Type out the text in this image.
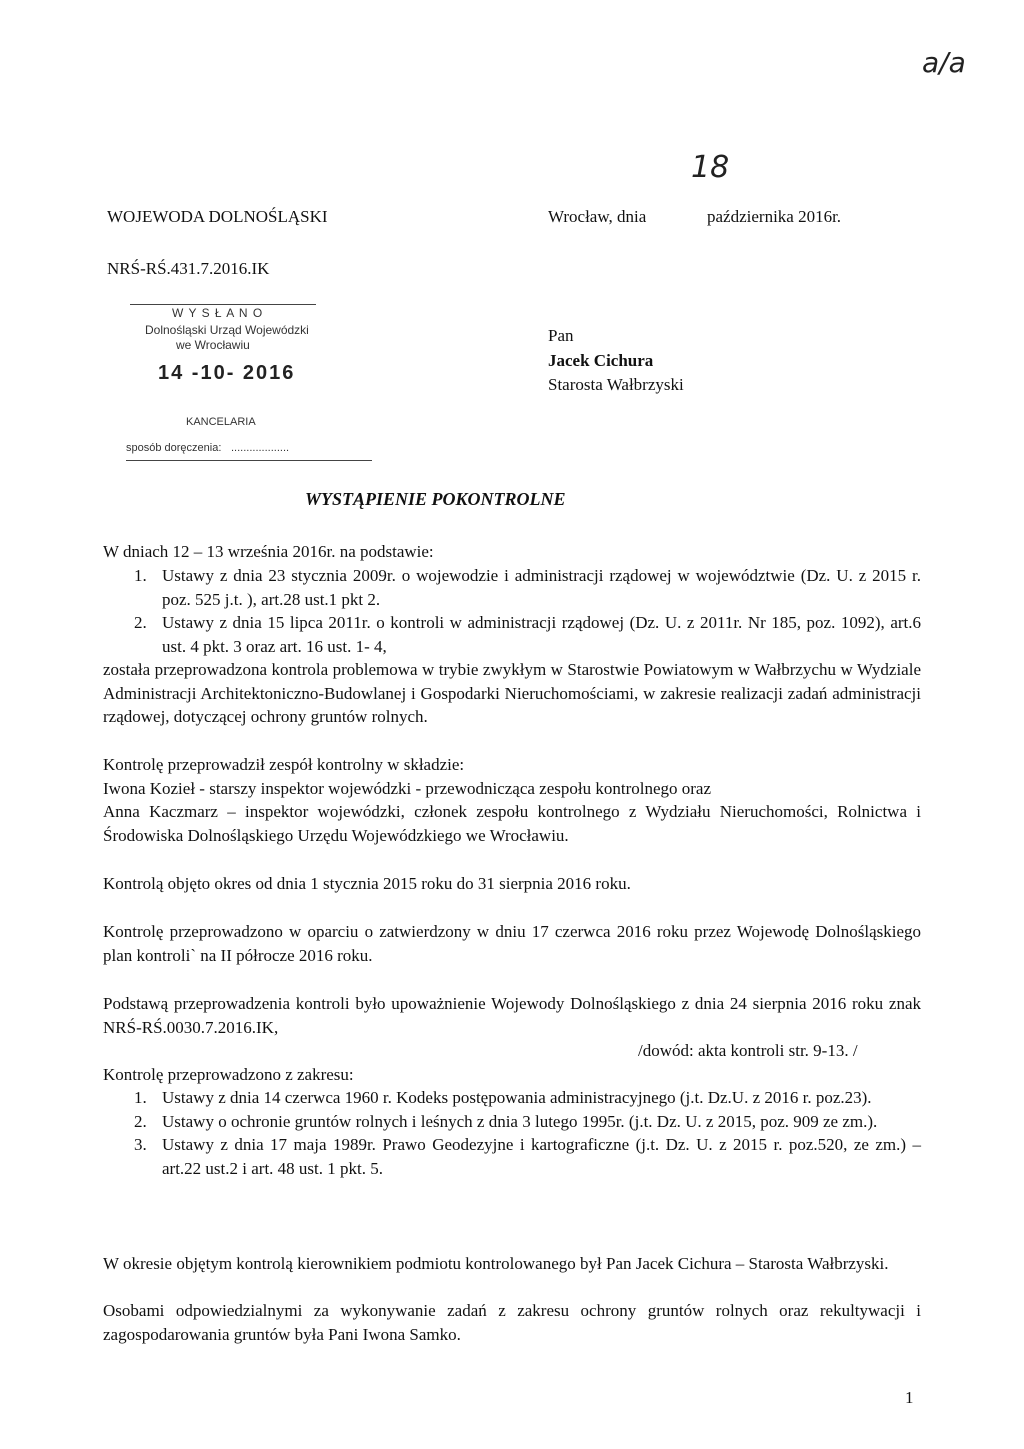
a/a
18
WOJEWODA DOLNOŚLĄSKI	Wrocław, dnia	października 2016r.
NRŚ-RŚ.431.7.2016.IK
W Y S Ł A N O
Dolnośląski Urząd Wojewódzki
we Wrocławiu
14 -10- 2016
KANCELARIA
sposób doręczenia: ...................
Pan
Jacek Cichura
Starosta Wałbrzyski
WYSTĄPIENIE POKONTROLNE
W dniach 12 – 13 września 2016r. na podstawie:
1. Ustawy z dnia 23 stycznia 2009r. o wojewodzie i administracji rządowej w województwie (Dz. U. z 2015 r. poz. 525 j.t. ), art.28 ust.1 pkt 2.
2. Ustawy z dnia 15 lipca 2011r. o kontroli w administracji rządowej (Dz. U. z 2011r. Nr 185, poz. 1092), art.6 ust. 4 pkt. 3 oraz art. 16 ust. 1- 4,
została przeprowadzona kontrola problemowa w trybie zwykłym w Starostwie Powiatowym w Wałbrzychu w Wydziale Administracji Architektoniczno-Budowlanej i Gospodarki Nieruchomościami, w zakresie realizacji zadań administracji rządowej, dotyczącej ochrony gruntów rolnych.
Kontrolę przeprowadził zespół kontrolny w składzie:
Iwona Kozieł - starszy inspektor wojewódzki - przewodnicząca zespołu kontrolnego oraz
Anna Kaczmarz – inspektor wojewódzki, członek zespołu kontrolnego z Wydziału Nieruchomości, Rolnictwa i Środowiska Dolnośląskiego Urzędu Wojewódzkiego we Wrocławiu.
Kontrolą objęto okres od dnia 1 stycznia 2015 roku do 31 sierpnia 2016 roku.
Kontrolę przeprowadzono w oparciu o zatwierdzony w dniu 17 czerwca 2016 roku przez Wojewodę Dolnośląskiego plan kontroli` na II półrocze 2016 roku.
Podstawą przeprowadzenia kontroli było upoważnienie Wojewody Dolnośląskiego z dnia 24 sierpnia 2016 roku znak NRŚ-RŚ.0030.7.2016.IK,
/dowód: akta kontroli str. 9-13. /
Kontrolę przeprowadzono z zakresu:
1. Ustawy z dnia 14 czerwca 1960 r. Kodeks postępowania administracyjnego (j.t. Dz.U. z 2016 r. poz.23).
2. Ustawy o ochronie gruntów rolnych i leśnych z dnia 3 lutego 1995r. (j.t. Dz. U. z 2015, poz. 909 ze zm.).
3. Ustawy z dnia 17 maja 1989r. Prawo Geodezyjne i kartograficzne (j.t. Dz. U. z 2015 r. poz.520, ze zm.) – art.22 ust.2 i art. 48 ust. 1 pkt. 5.
W okresie objętym kontrolą kierownikiem podmiotu kontrolowanego był Pan Jacek Cichura – Starosta Wałbrzyski.
Osobami odpowiedzialnymi za wykonywanie zadań z zakresu ochrony gruntów rolnych oraz rekultywacji i zagospodarowania gruntów była Pani Iwona Samko.
1
